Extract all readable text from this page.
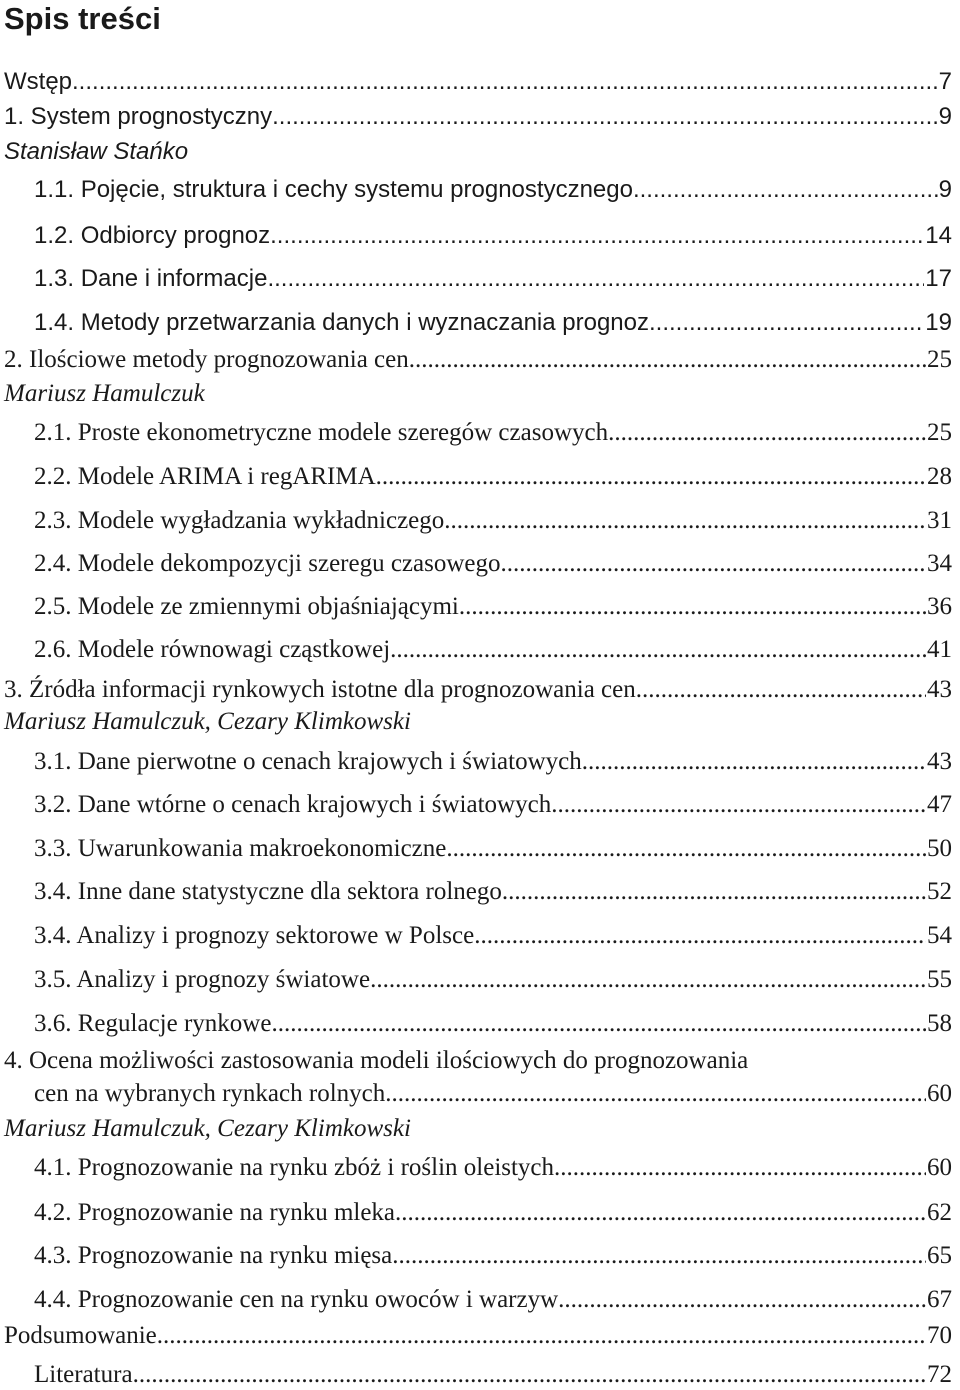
Spis treści
Wstęp .....	7
1. System prognostyczny .....	9
Stanisław Stańko
1.1. Pojęcie, struktura i cechy systemu prognostycznego .....	9
1.2. Odbiorcy prognoz .....	14
1.3. Dane i informacje .....	17
1.4. Metody przetwarzania danych i wyznaczania prognoz .....	19
2. Ilościowe metody prognozowania cen .....	25
Mariusz Hamulczuk
2.1. Proste ekonometryczne modele szeregów czasowych .....	25
2.2. Modele ARIMA i regARIMA .....	28
2.3. Modele wygładzania wykładniczego .....	31
2.4. Modele dekompozycji szeregu czasowego .....	34
2.5. Modele ze zmiennymi objaśniającymi .....	36
2.6. Modele równowagi cząstkowej .....	41
3. Źródła informacji rynkowych istotne dla prognozowania cen .....	43
Mariusz Hamulczuk, Cezary Klimkowski
3.1. Dane pierwotne o cenach krajowych i światowych .....	43
3.2. Dane wtórne o cenach krajowych i światowych .....	47
3.3. Uwarunkowania makroekonomiczne .....	50
3.4. Inne dane statystyczne dla sektora rolnego .....	52
3.4. Analizy i prognozy sektorowe w Polsce .....	54
3.5. Analizy i prognozy światowe .....	55
3.6. Regulacje rynkowe .....	58
4. Ocena możliwości zastosowania modeli ilościowych do prognozowania
cen na wybranych rynkach rolnych .....	60
Mariusz Hamulczuk, Cezary Klimkowski
4.1. Prognozowanie na rynku zbóż i roślin oleistych .....	60
4.2. Prognozowanie na rynku mleka .....	62
4.3. Prognozowanie na rynku mięsa .....	65
4.4. Prognozowanie cen na rynku owoców i warzyw .....	67
Podsumowanie .....	70
Literatura .....	72
